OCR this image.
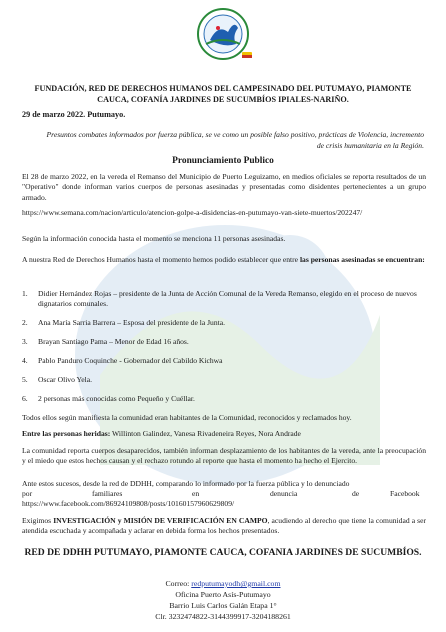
FUNDACIÓN, RED DE DERECHOS HUMANOS DEL CAMPESINADO DEL PUTUMAYO, PIAMONTE CAUCA, COFANÍA JARDINES DE SUCUMBÍOS IPIALES-NARIÑO.
29 de marzo 2022. Putumayo.
Presuntos combates informados por fuerza pública, se ve como un posible falso positivo, prácticas de Violencia, incremento de crisis humanitaria en la Región.
Pronunciamiento Publico
El 28 de marzo 2022, en la vereda el Remanso del Municipio de Puerto Leguizamo, en medios oficiales se reporta resultados de un "Operativo" donde informan varios cuerpos de personas asesinadas y presentadas como disidentes pertenecientes a un grupo armado.
https://www.semana.com/nacion/articulo/atencion-golpe-a-disidencias-en-putumayo-van-siete-muertos/202247/
Según la información conocida hasta el momento se menciona 11 personas asesinadas.
A nuestra Red de Derechos Humanos hasta el momento hemos podido establecer que entre las personas asesinadas se encuentran:
1. Didier Hernández Rojas – presidente de la Junta de Acción Comunal de la Vereda Remanso, elegido en el proceso de nuevos dignatarios comunales.
2. Ana María Sarria Barrera – Esposa del presidente de la Junta.
3. Brayan Santiago Pama – Menor de Edad 16 años.
4. Pablo Panduro Coquinche - Gobernador del Cabildo Kichwa
5. Oscar Olivo Yela.
6. 2 personas más conocidas como Pequeño y Cuéllar.
Todos ellos según manifiesta la comunidad eran habitantes de la Comunidad, reconocidos y reclamados hoy.
Entre las personas heridas: Willinton Galindez, Vanesa Rivadeneira Reyes, Nora Andrade
La comunidad reporta cuerpos desaparecidos, también informan desplazamiento de los habitantes de la vereda, ante la preocupación y el miedo que estos hechos causan y el rechazo rotundo al reporte que hasta el momento ha hecho el Ejercito.
Ante estos sucesos, desde la red de DDHH, comparando lo informado por la fuerza pública y lo denunciado
por	familiares	en	denuncia	de	Facebook
https://www.facebook.com/86924109808/posts/10160157960629809/
Exigimos INVESTIGACIÓN y MISIÓN DE VERIFICACIÓN EN CAMPO, acudiendo al derecho que tiene la comunidad a ser atendida escuchada y acompañada y aclarar en debida forma los hechos presentados.
RED DE DDHH PUTUMAYO, PIAMONTE CAUCA, COFANIA JARDINES DE SUCUMBÍOS.
Correo: redputumayodh@gmail.com
Oficina Puerto Asís-Putumayo
Barrio Luis Carlos Galán Etapa 1°
Clr. 3232474822-3144399917-3204188261
